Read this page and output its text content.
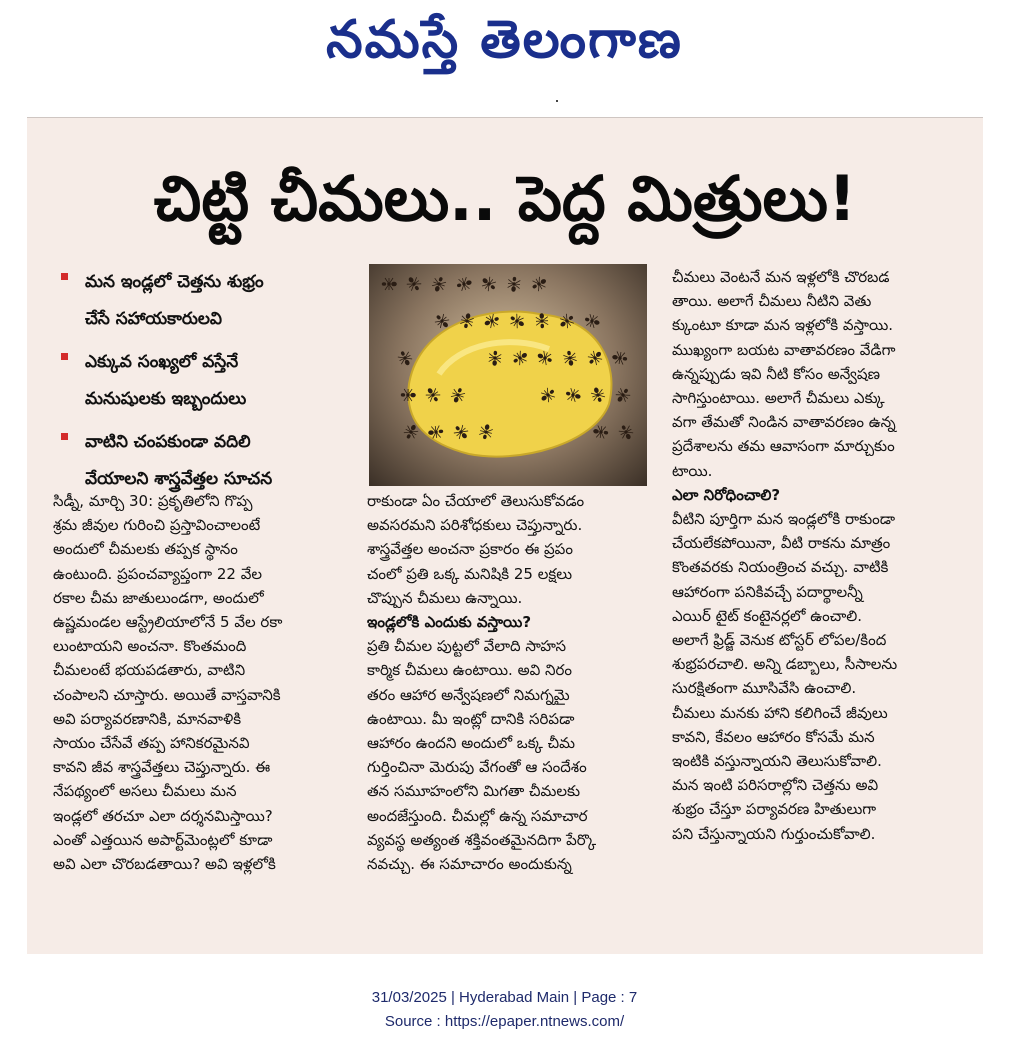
నమస్తే తెలంగాణ
చిట్టి చీమలు.. పెద్ద మిత్రులు!
మన ఇండ్లలో చెత్తను శుభ్రం
చేసే సహాయకారులవి
ఎక్కువ సంఖ్యలో వస్తేనే
మనుషులకు ఇబ్బందులు
వాటిని చంపకుండా వదిలి
వేయాలని శాస్త్రవేత్తల సూచన

సిడ్నీ, మార్చి 30: ప్రకృతిలోని గొప్ప

శ్రమ జీవుల గురించి ప్రస్తావించాలంటే

అందులో చీమలకు తప్పక స్థానం

ఉంటుంది. ప్రపంచవ్యాప్తంగా 22 వేల

రకాల చీమ జాతులుండగా, అందులో

ఉష్ణమండల ఆస్ట్రేలియాలోనే 5 వేల రకా

లుంటాయని అంచనా. కొంతమంది

చీమలంటే భయపడతారు, వాటిని

చంపాలని చూస్తారు. అయితే వాస్తవానికి

అవి పర్యావరణానికి, మానవాళికి

సాయం చేసేవే తప్ప హానికరమైనవి

కావని జీవ శాస్త్రవేత్తలు చెప్తున్నారు. ఈ

నేపథ్యంలో అసలు చీమలు మన

ఇండ్లలో తరచూ ఎలా దర్శనమిస్తాయి?

ఎంతో ఎత్తయిన అపార్ట్‌మెంట్లలో కూడా

అవి ఎలా చొరబడతాయి? అవి ఇళ్లలోకి

రాకుండా ఏం చేయాలో తెలుసుకోవడం

అవసరమని పరిశోధకులు చెప్తున్నారు.

శాస్త్రవేత్తల అంచనా ప్రకారం ఈ ప్రపం

చంలో ప్రతి ఒక్క మనిషికి 25 లక్షలు

చొప్పున చీమలు ఉన్నాయి.

ఇండ్లలోకి ఎందుకు వస్తాయి?

ప్రతి చీమల పుట్టలో వేలాది సాహస

కార్మిక చీమలు ఉంటాయి. అవి నిరం

తరం ఆహార అన్వేషణలో నిమగ్నమై

ఉంటాయి. మీ ఇంట్లో దానికి సరిపడా

ఆహారం ఉందని అందులో ఒక్క చీమ

గుర్తించినా మెరుపు వేగంతో ఆ సందేశం

తన సమూహంలోని మిగతా చీమలకు

అందజేస్తుంది. చీమల్లో ఉన్న సమాచార

వ్యవస్థ అత్యంత శక్తివంతమైనదిగా పేర్కొ

నవచ్చు. ఈ సమాచారం అందుకున్న

చీమలు వెంటనే మన ఇళ్లలోకి చొరబడ

తాయి. అలాగే చీమలు నీటిని వెతు

క్కుంటూ కూడా మన ఇళ్లలోకి వస్తాయి.

ముఖ్యంగా బయట వాతావరణం వేడిగా

ఉన్నప్పుడు ఇవి నీటి కోసం అన్వేషణ

సాగిస్తుంటాయి. అలాగే చీమలు ఎక్కు

వగా తేమతో నిండిన వాతావరణం ఉన్న

ప్రదేశాలను తమ ఆవాసంగా మార్చుకుం

టాయి.

ఎలా నిరోధించాలి?

వీటిని పూర్తిగా మన ఇండ్లలోకి రాకుండా

చేయలేకపోయినా, వీటి రాకను మాత్రం

కొంతవరకు నియంత్రించ వచ్చు. వాటికి

ఆహారంగా పనికివచ్చే పదార్థాలన్నీ

ఎయిర్ టైట్ కంటైనర్లలో ఉంచాలి.

అలాగే ఫ్రిడ్జ్ వెనుక టోస్టర్ లోపల/కింద

శుభ్రపరచాలి. అన్ని డబ్బాలు, సీసాలను

సురక్షితంగా మూసివేసి ఉంచాలి.

చీమలు మనకు హాని కలిగించే జీవులు

కావని, కేవలం ఆహారం కోసమే మన

ఇంటికి వస్తున్నాయని తెలుసుకోవాలి.

మన ఇంటి పరిసరాల్లోని చెత్తను అవి

శుభ్రం చేస్తూ పర్యావరణ హితులుగా

పని చేస్తున్నాయని గుర్తుంచుకోవాలి.

31/03/2025 | Hyderabad Main | Page : 7

Source : https://epaper.ntnews.com/
